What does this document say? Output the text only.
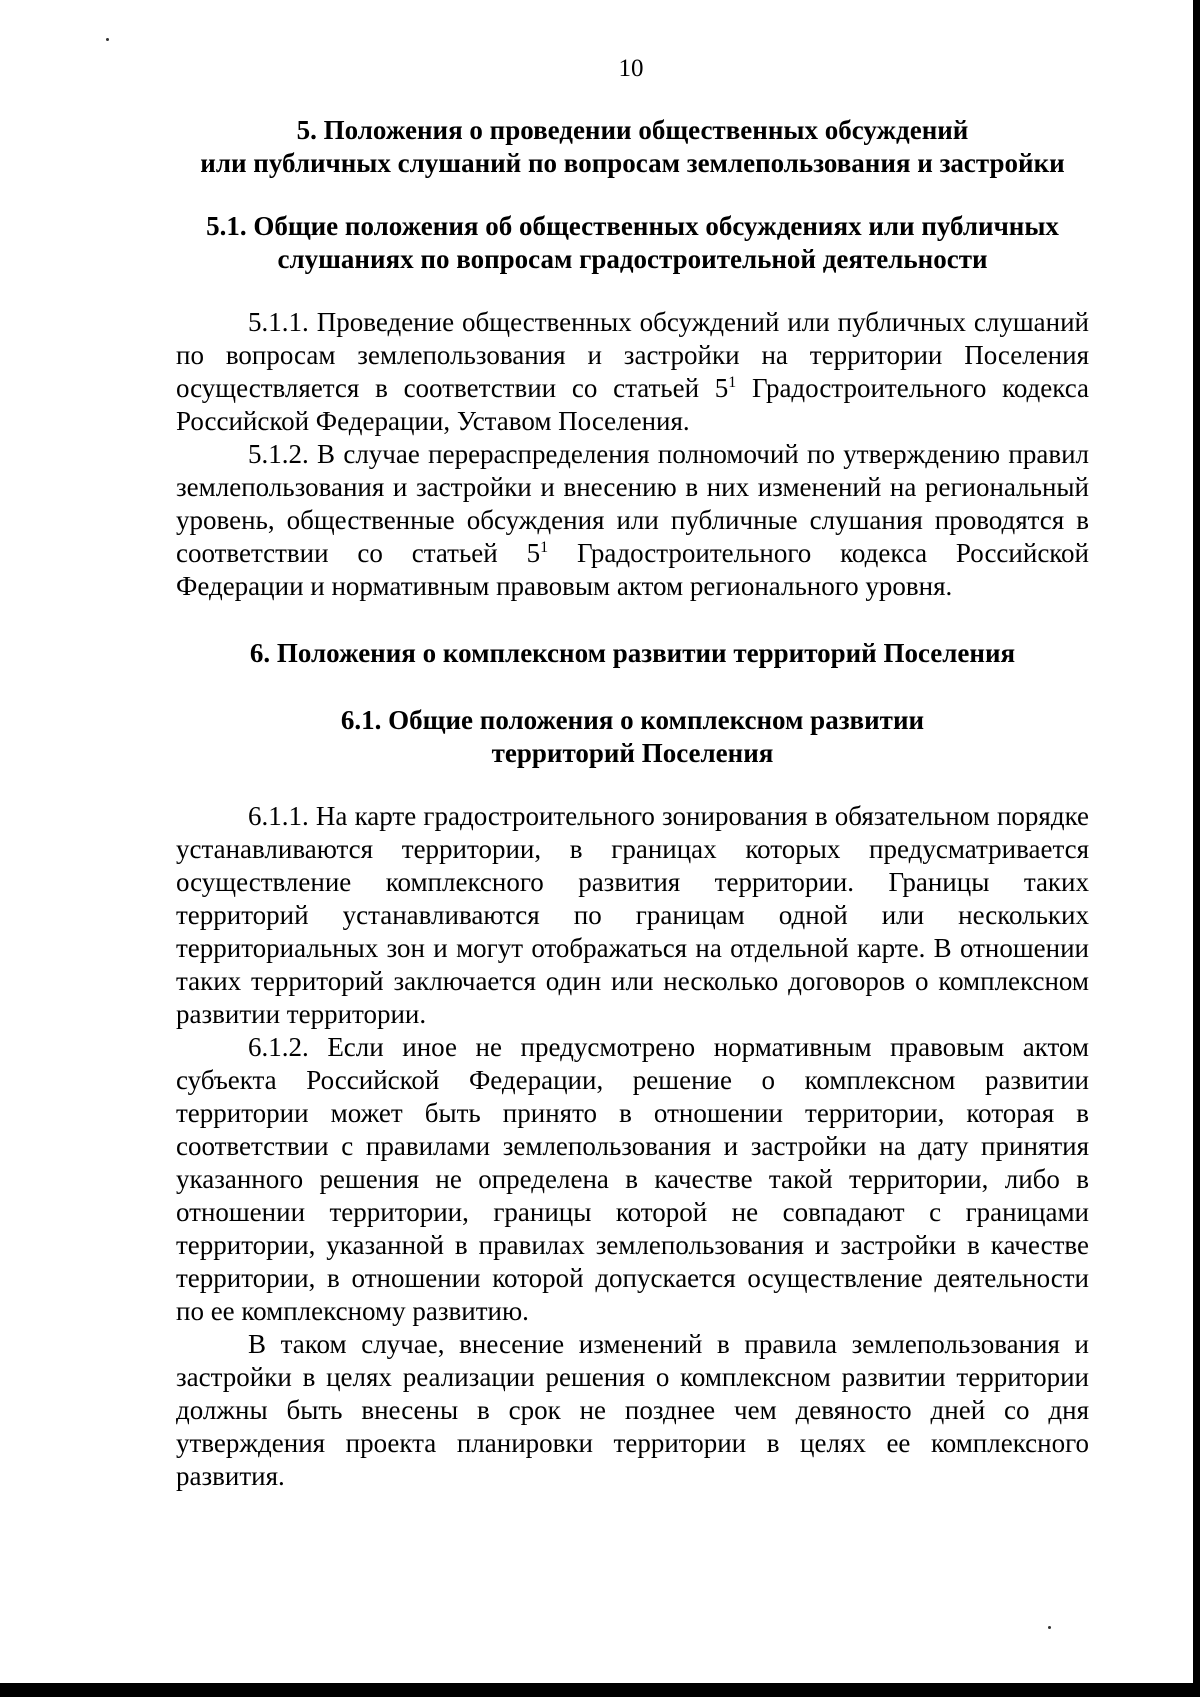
10
5. Положения о проведении общественных обсуждений
или публичных слушаний по вопросам землепользования и застройки
5.1. Общие положения об общественных обсуждениях или публичных
слушаниях по вопросам градостроительной деятельности

5.1.1. Проведение общественных обсуждений или публичных слушаний по вопросам землепользования и застройки на территории Поселения осуществляется в соответствии со статьей $5^1$ Градостроительного кодекса Российской Федерации, Уставом Поселения.

5.1.2. В случае перераспределения полномочий по утверждению правил землепользования и застройки и внесению в них изменений на региональный уровень, общественные обсуждения или публичные слушания проводятся в соответствии со статьей $5^1$ Градостроительного кодекса Российской Федерации и нормативным правовым актом регионального уровня.

6. Положения о комплексном развитии территорий Поселения
6.1. Общие положения о комплексном развитии
территорий Поселения

6.1.1. На карте градостроительного зонирования в обязательном порядке устанавливаются территории, в границах которых предусматривается осуществление комплексного развития территории. Границы таких территорий устанавливаются по границам одной или нескольких территориальных зон и могут отображаться на отдельной карте. В отношении таких территорий заключается один или несколько договоров о комплексном развитии территории.

6.1.2. Если иное не предусмотрено нормативным правовым актом субъекта Российской Федерации, решение о комплексном развитии территории может быть принято в отношении территории, которая в соответствии с правилами землепользования и застройки на дату принятия указанного решения не определена в качестве такой территории, либо в отношении территории, границы которой не совпадают с границами территории, указанной в правилах землепользования и застройки в качестве территории, в отношении которой допускается осуществление деятельности по ее комплексному развитию.

В таком случае, внесение изменений в правила землепользования и застройки в целях реализации решения о комплексном развитии территории должны быть внесены в срок не позднее чем девяносто дней со дня утверждения проекта планировки территории в целях ее комплексного развития.
